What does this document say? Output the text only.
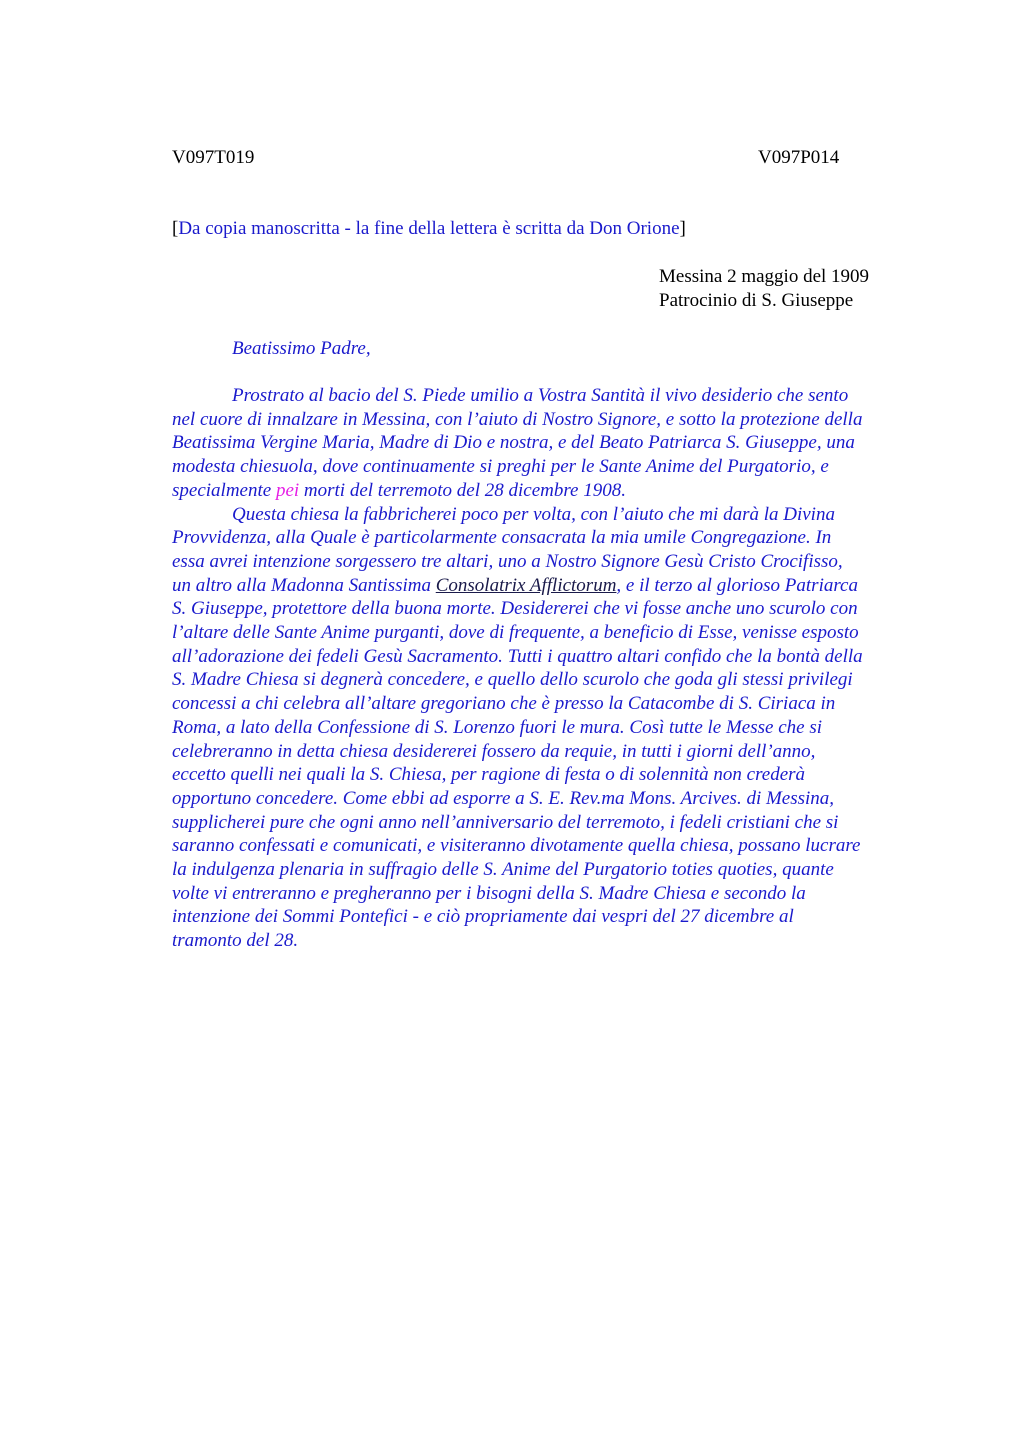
V097T019	V097P014
[Da copia manoscritta - la fine della lettera è scritta da Don Orione]
Messina 2 maggio del 1909
Patrocinio di S. Giuseppe
Beatissimo Padre,
Prostrato al bacio del S. Piede umilio a Vostra Santità il vivo desiderio che sento
nel cuore di innalzare in Messina, con l’aiuto di Nostro Signore, e sotto la protezione della
Beatissima Vergine Maria, Madre di Dio e nostra, e del Beato Patriarca S. Giuseppe, una
modesta chiesuola, dove continuamente si preghi per le Sante Anime del Purgatorio, e
specialmente pei morti del terremoto del 28 dicembre 1908.
Questa chiesa la fabbricherei poco per volta, con l’aiuto che mi darà la Divina
Provvidenza, alla Quale è particolarmente consacrata la mia umile Congregazione. In
essa avrei intenzione sorgessero tre altari, uno a Nostro Signore Gesù Cristo Crocifisso,
un altro alla Madonna Santissima Consolatrix Afflictorum, e il terzo al glorioso Patriarca
S. Giuseppe, protettore della buona morte. Desidererei che vi fosse anche uno scurolo con
l’altare delle Sante Anime purganti, dove di frequente, a beneficio di Esse, venisse esposto
all’adorazione dei fedeli Gesù Sacramento. Tutti i quattro altari confido che la bontà della
S. Madre Chiesa si degnerà concedere, e quello dello scurolo che goda gli stessi privilegi
concessi a chi celebra all’altare gregoriano che è presso la Catacombe di S. Ciriaca in
Roma, a lato della Confessione di S. Lorenzo fuori le mura. Così tutte le Messe che si
celebreranno in detta chiesa desidererei fossero da requie, in tutti i giorni dell’anno,
eccetto quelli nei quali la S. Chiesa, per ragione di festa o di solennità non crederà
opportuno concedere. Come ebbi ad esporre a S. E. Rev.ma Mons. Arcives. di Messina,
supplicherei pure che ogni anno nell’anniversario del terremoto, i fedeli cristiani che si
saranno confessati e comunicati, e visiteranno divotamente quella chiesa, possano lucrare
la indulgenza plenaria in suffragio delle S. Anime del Purgatorio toties quoties, quante
volte vi entreranno e pregheranno per i bisogni della S. Madre Chiesa e secondo la
intenzione dei Sommi Pontefici - e ciò propriamente dai vespri del 27 dicembre al
tramonto del 28.
